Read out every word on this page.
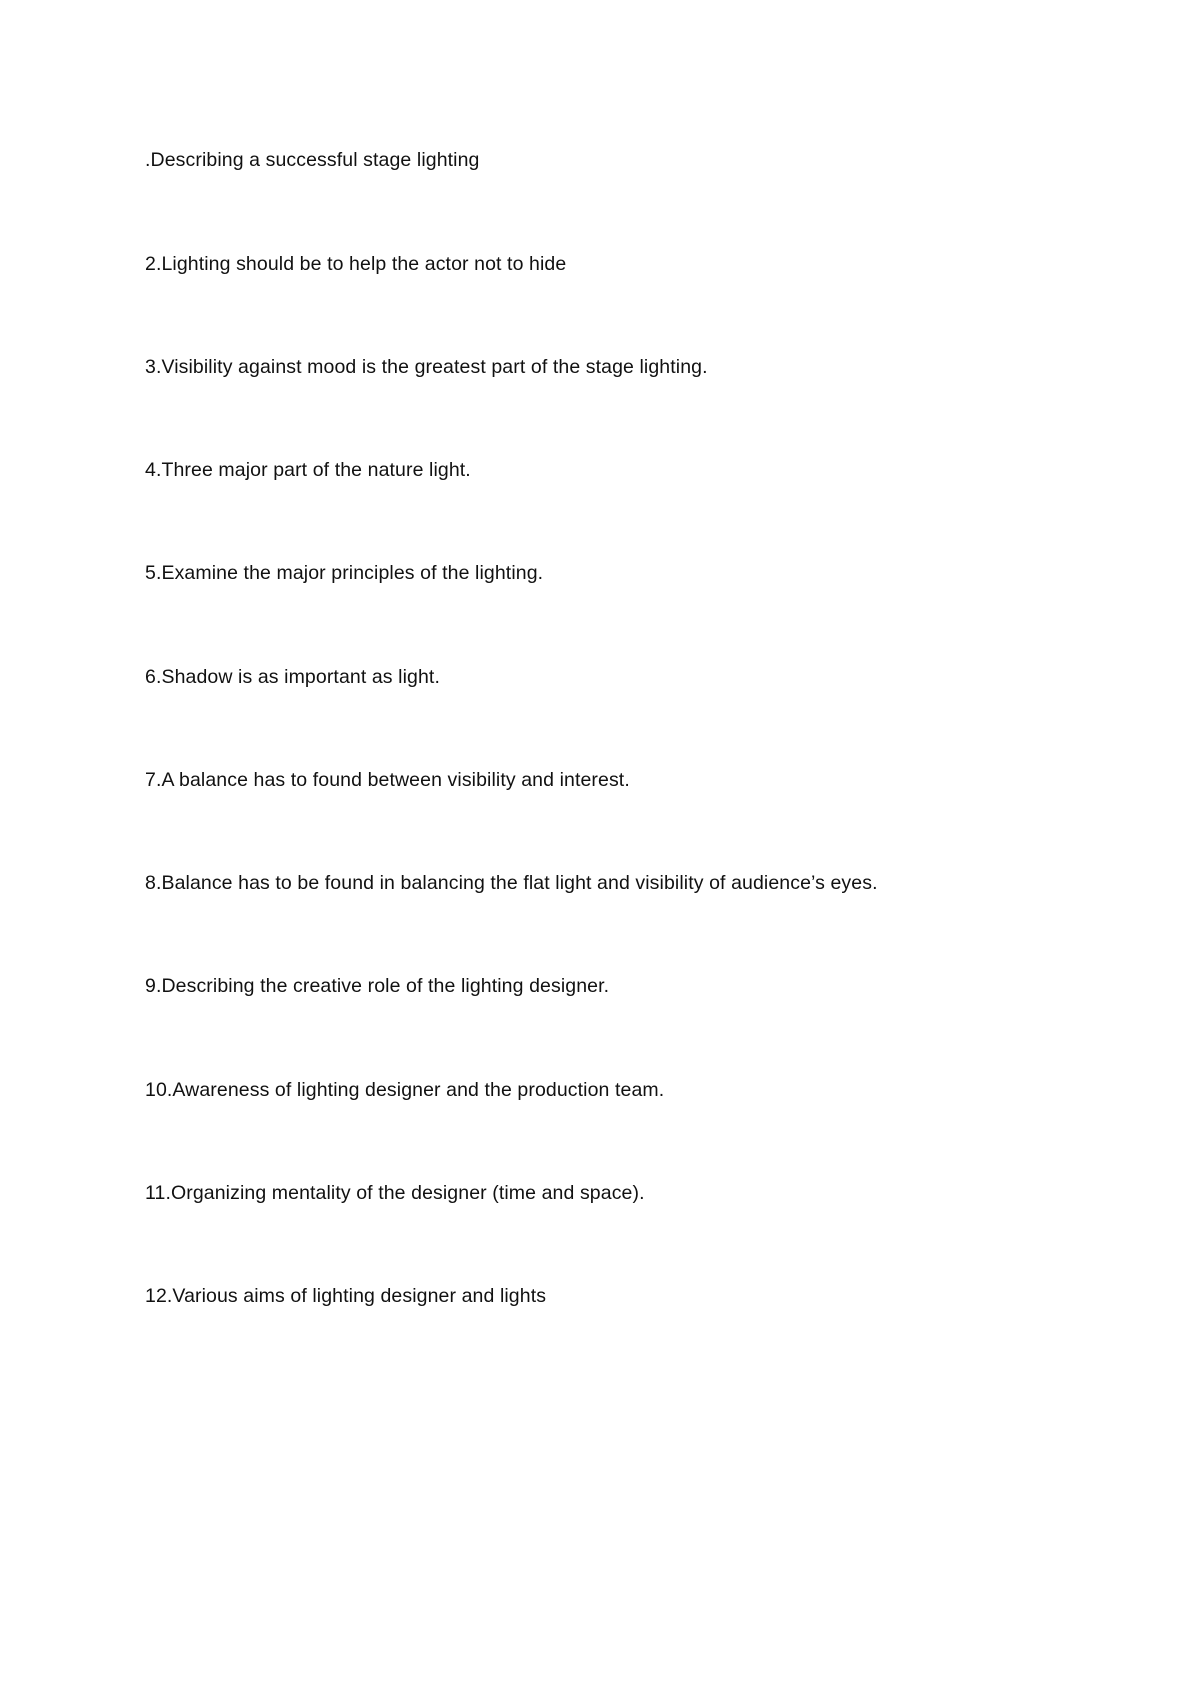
.Describing a successful stage lighting
2.Lighting should be to help the actor not to hide
3.Visibility against mood is the greatest part of the stage lighting.
4.Three major part of the nature light.
5.Examine the major principles of the lighting.
6.Shadow is as important as light.
7.A balance has to found between visibility and interest.
8.Balance has to be found in balancing the flat light and visibility of audience’s eyes.
9.Describing the creative role of the lighting designer.
10.Awareness of lighting designer and the production team.
11.Organizing mentality of the designer (time and space).
12.Various aims of lighting designer and lights
